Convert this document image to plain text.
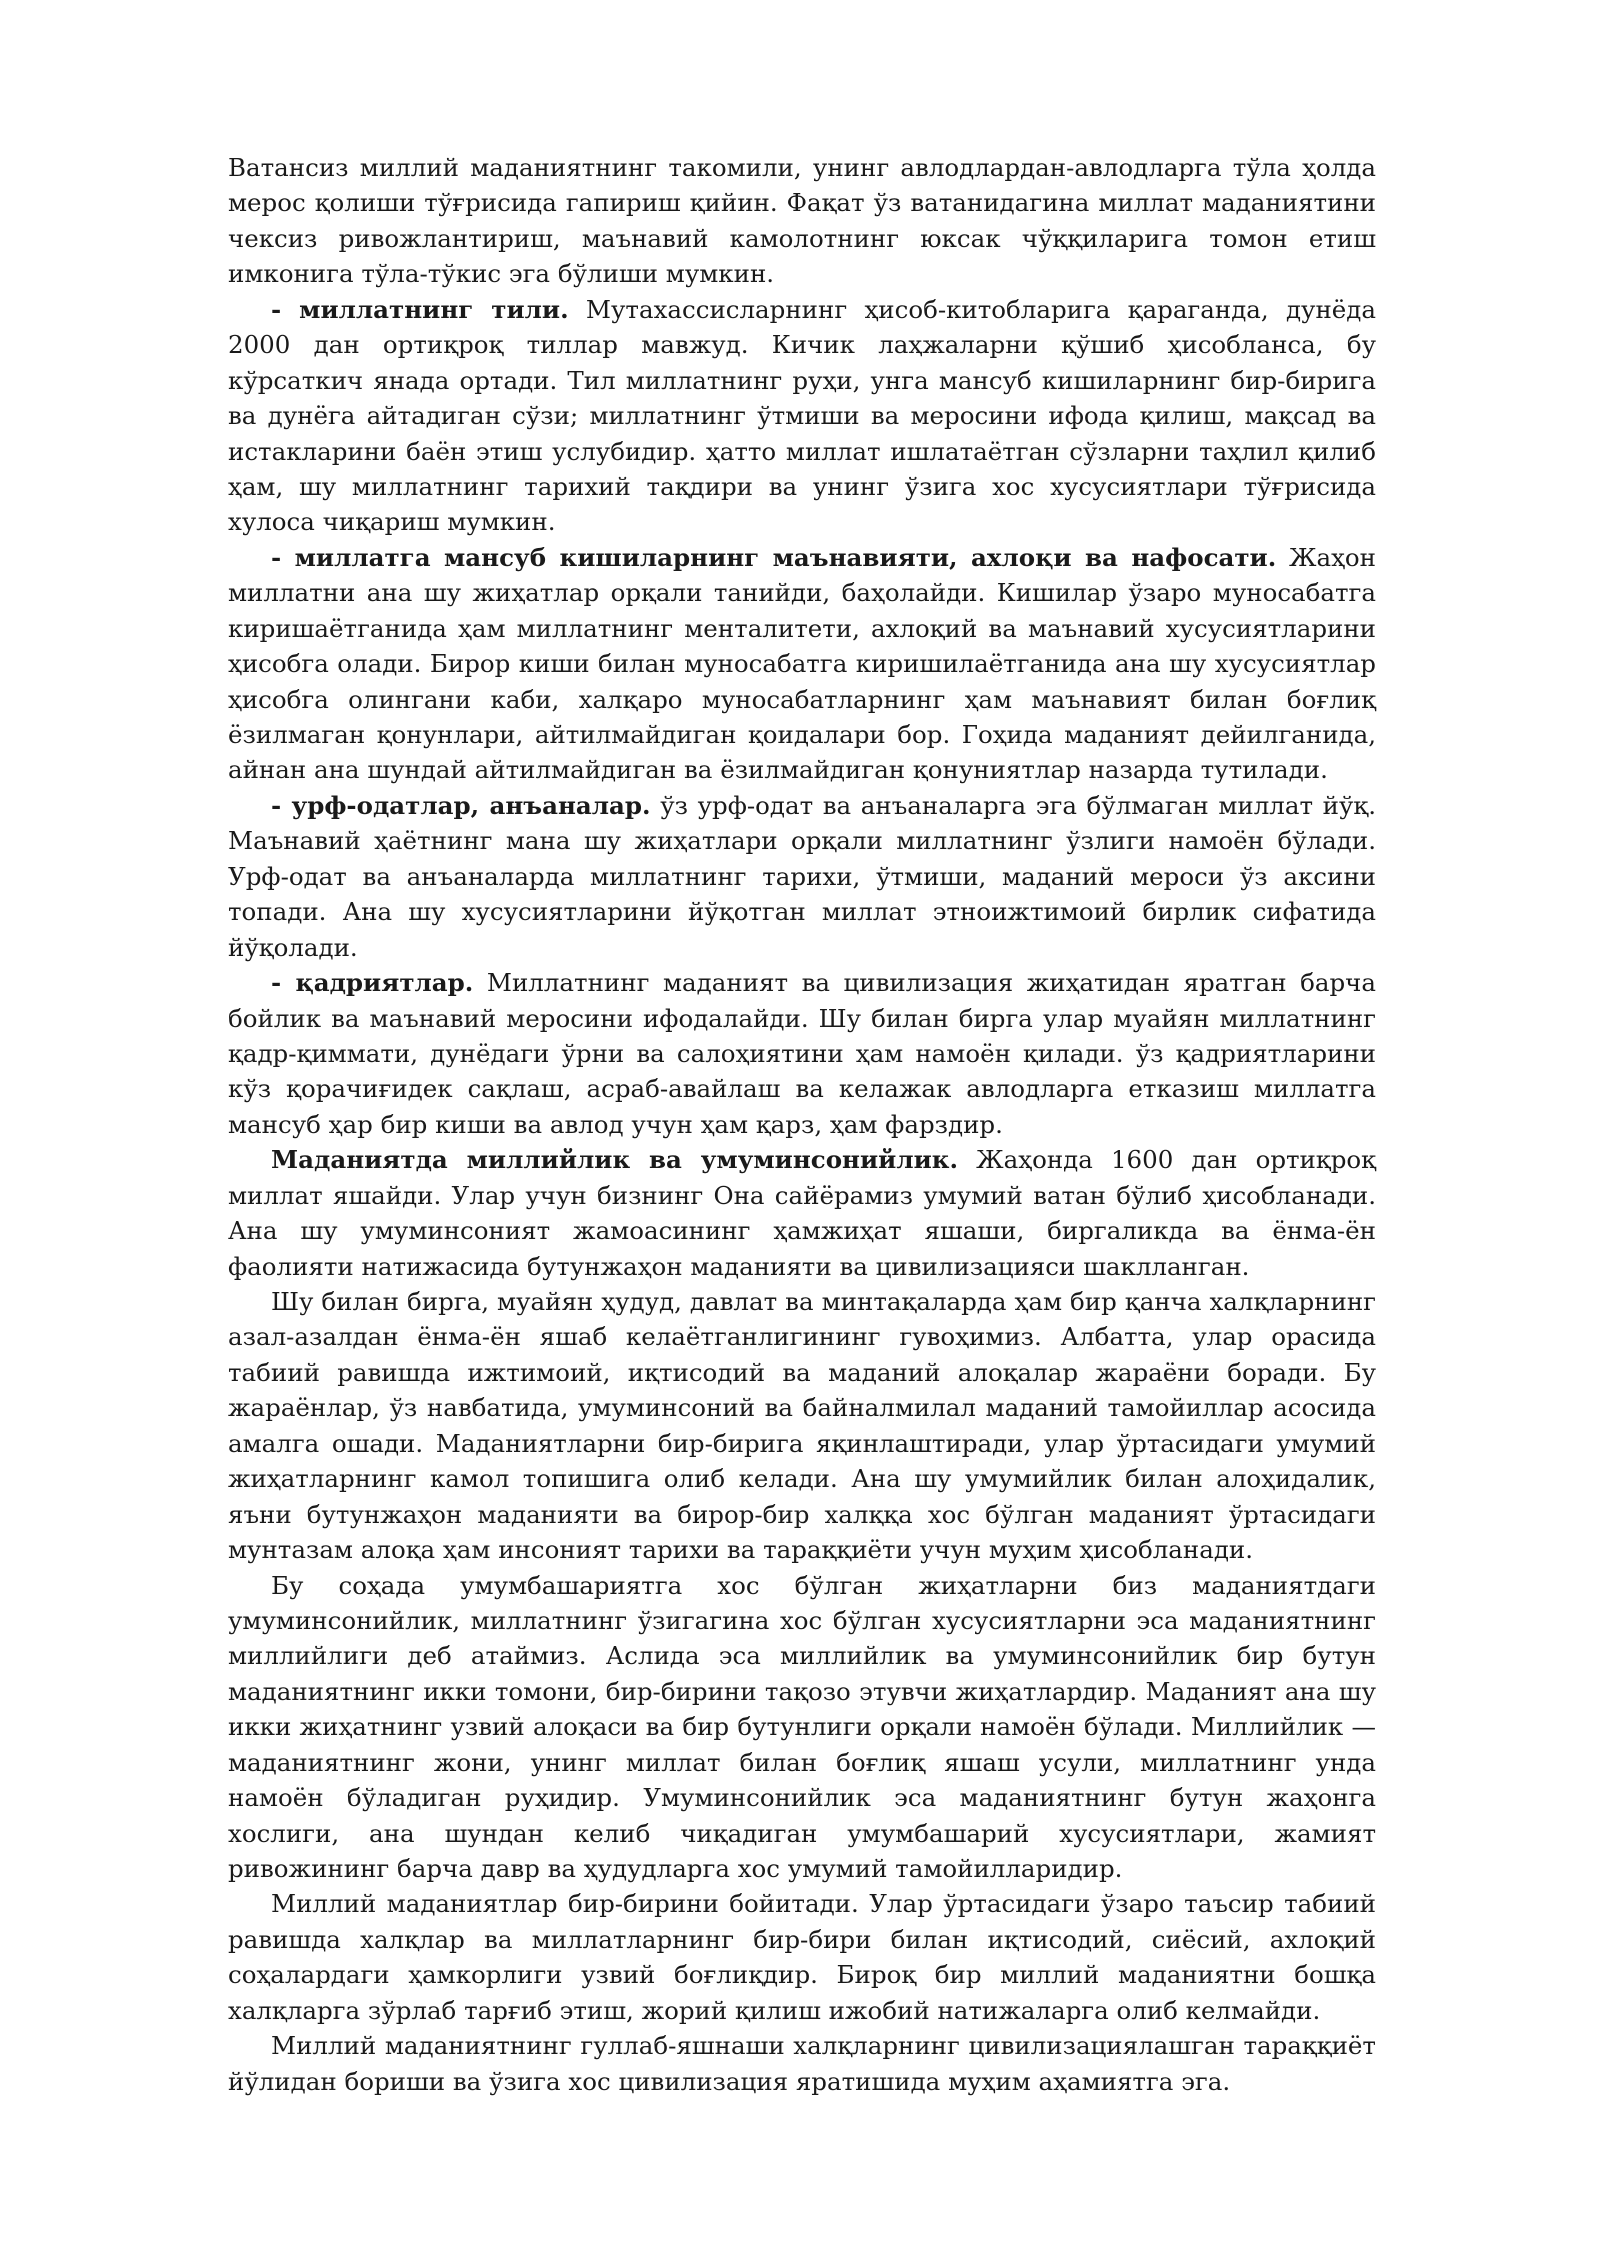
Ватансиз миллий маданиятнинг такомили, унинг авлодлардан-авлодларга тўла ҳолда мерос қолиши тўғрисида гапириш қийин. Фақат ўз ватанидагина миллат маданиятини чексиз ривожлантириш, маънавий камолотнинг юксак чўққиларига томон етиш имконига тўла-тўкис эга бўлиши мумкин.

- миллатнинг тили. Мутахассисларнинг ҳисоб-китобларига қараганда, дунёда 2000 дан ортиқроқ тиллар мавжуд. Кичик лаҳжаларни қўшиб ҳисобланса, бу кўрсаткич янада ортади. Тил миллатнинг руҳи, унга мансуб кишиларнинг бир-бирига ва дунёга айтадиган сўзи; миллатнинг ўтмиши ва меросини ифода қилиш, мақсад ва истакларини баён этиш услубидир. ҳатто миллат ишлатаётган сўзларни таҳлил қилиб ҳам, шу миллатнинг тарихий тақдири ва унинг ўзига хос хусусиятлари тўғрисида хулоса чиқариш мумкин.

- миллатга мансуб кишиларнинг маънавияти, ахлоқи ва нафосати. Жаҳон миллатни ана шу жиҳатлар орқали танийди, баҳолайди. Кишилар ўзаро муносабатга киришаётганида ҳам миллатнинг менталитети, ахлоқий ва маънавий хусусиятларини ҳисобга олади. Бирор киши билан муносабатга киришилаётганида ана шу хусусиятлар ҳисобга олингани каби, халқаро муносабатларнинг ҳам маънавият билан боғлиқ ёзилмаган қонунлари, айтилмайдиган қоидалари бор. Гоҳида маданият дейилганида, айнан ана шундай айтилмайдиган ва ёзилмайдиган қонуниятлар назарда тутилади.

- урф-одатлар, анъаналар. ўз урф-одат ва анъаналарга эга бўлмаган миллат йўқ. Маънавий ҳаётнинг мана шу жиҳатлари орқали миллатнинг ўзлиги намоён бўлади. Урф-одат ва анъаналарда миллатнинг тарихи, ўтмиши, маданий мероси ўз аксини топади. Ана шу хусусиятларини йўқотган миллат этноижтимоий бирлик сифатида йўқолади.

- қадриятлар. Миллатнинг маданият ва цивилизация жиҳатидан яратган барча бойлик ва маънавий меросини ифодалайди. Шу билан бирга улар муайян миллатнинг қадр-қиммати, дунёдаги ўрни ва салоҳиятини ҳам намоён қилади. ўз қадриятларини кўз қорачиғидек сақлаш, асраб-авайлаш ва келажак авлодларга етказиш миллатга мансуб ҳар бир киши ва авлод учун ҳам қарз, ҳам фарздир.

Маданиятда миллийлик ва умуминсонийлик. Жаҳонда 1600 дан ортиқроқ миллат яшайди. Улар учун бизнинг Она сайёрамиз умумий ватан бўлиб ҳисобланади. Ана шу умуминсоният жамоасининг ҳамжиҳат яшаши, биргаликда ва ёнма-ён фаолияти натижасида бутунжаҳон маданияти ва цивилизацияси шаклланган.

Шу билан бирга, муайян ҳудуд, давлат ва минтақаларда ҳам бир қанча халқларнинг азал-азалдан ёнма-ён яшаб келаётганлигининг гувоҳимиз. Албатта, улар орасида табиий равишда ижтимоий, иқтисодий ва маданий алоқалар жараёни боради. Бу жараёнлар, ўз навбатида, умуминсоний ва байналмилал маданий тамойиллар асосида амалга ошади. Маданиятларни бир-бирига яқинлаштиради, улар ўртасидаги умумий жиҳатларнинг камол топишига олиб келади. Ана шу умумийлик билан алоҳидалик, яъни бутунжаҳон маданияти ва бирор-бир халққа хос бўлган маданият ўртасидаги мунтазам алоқа ҳам инсоният тарихи ва тараққиёти учун муҳим ҳисобланади.

Бу соҳада умумбашариятга хос бўлган жиҳатларни биз маданиятдаги умуминсонийлик, миллатнинг ўзигагина хос бўлган хусусиятларни эса маданиятнинг миллийлиги деб атаймиз. Аслида эса миллийлик ва умуминсонийлик бир бутун маданиятнинг икки томони, бир-бирини тақозо этувчи жиҳатлардир. Маданият ана шу икки жиҳатнинг узвий алоқаси ва бир бутунлиги орқали намоён бўлади. Миллийлик — маданиятнинг жони, унинг миллат билан боғлиқ яшаш усули, миллатнинг унда намоён бўладиган руҳидир. Умуминсонийлик эса маданиятнинг бутун жаҳонга хослиги, ана шундан келиб чиқадиган умумбашарий хусусиятлари, жамият ривожининг барча давр ва ҳудудларга хос умумий тамойилларидир.

Миллий маданиятлар бир-бирини бойитади. Улар ўртасидаги ўзаро таъсир табиий равишда халқлар ва миллатларнинг бир-бири билан иқтисодий, сиёсий, ахлоқий соҳалардаги ҳамкорлиги узвий боғлиқдир. Бироқ бир миллий маданиятни бошқа халқларга зўрлаб тарғиб этиш, жорий қилиш ижобий натижаларга олиб келмайди.

Миллий маданиятнинг гуллаб-яшнаши халқларнинг цивилизациялашган тараққиёт йўлидан бориши ва ўзига хос цивилизация яратишида муҳим аҳамиятга эга.
